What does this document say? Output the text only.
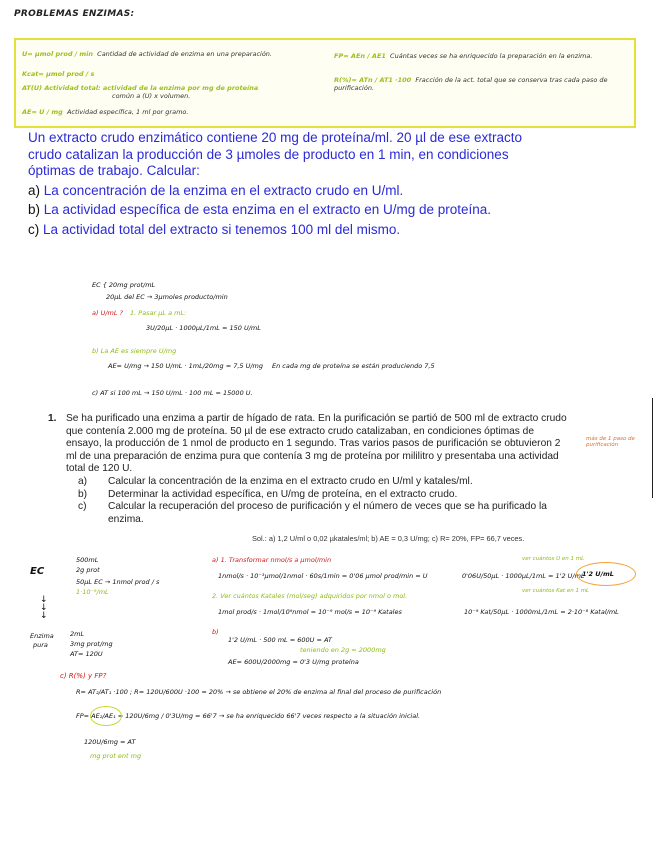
PROBLEMAS ENZIMAS:
U= μmol prod / min Cantidad de actividad de enzima en una preparación.
Kcat= μmol prod / s
AT(U) Actividad total: actividad de la enzima por mg de proteína
común a (U) x volumen.
AE= U / mg Actividad específica, 1 ml por gramo.
FP= AEn / AE1 Cuántas veces se ha enriquecido la preparación en la enzima.
R(%)= ATn / AT1 ·100 Fracción de la act. total que se conserva tras cada paso de purificación.

Un extracto crudo enzimático contiene 20 mg de proteína/ml. 20 µl de ese extracto crudo catalizan la producción de 3 µmoles de producto en 1 min, en condiciones óptimas de trabajo. Calcular:

a) La concentración de la enzima en el extracto crudo en U/ml.

b) La actividad específica de esta enzima en el extracto en U/mg de proteína.

c) La actividad total del extracto si tenemos 100 ml del mismo.

EC { 20mg prot/mL
20μL del EC → 3μmoles producto/min
a) U/mL ? 1. Pasar μL a mL:
3U/20μL · 1000μL/1mL = 150 U/mL
b) La AE es siempre U/mg
AE= U/mg → 150 U/mL · 1mL/20mg = 7,5 U/mg En cada mg de proteína se están produciendo 7,5
c) AT si 100 mL → 150 U/mL · 100 mL = 15000 U.
1. Se ha purificado una enzima a partir de hígado de rata. En la purificación se partió de 500 ml de extracto crudo que contenía 2.000 mg de proteína. 50 µl de ese extracto crudo catalizaban, en condiciones óptimas de ensayo, la producción de 1 nmol de producto en 1 segundo. Tras varios pasos de purificación se obtuvieron 2 ml de una preparación de enzima pura que contenía 3 mg de proteína por mililitro y presentaba una actividad total de 120 U.
a)	Calcular la concentración de la enzima en el extracto crudo en U/ml y katales/ml.
b)	Determinar la actividad específica, en U/mg de proteína, en el extracto crudo.
c)	Calcular la recuperación del proceso de purificación y el número de veces que se ha purificado la enzima.
más de 1 paso de purificación
Sol.: a) 1,2 U/ml o 0,02 µkatales/ml; b) AE = 0,3 U/mg; c) R= 20%, FP= 66,7 veces.
EC
500mL
2g prot
50μL EC → 1nmol prod / s
1·10⁻⁹/mL
↓
↓
↓
Enzima
pura
2mL
3mg prot/mg
AT= 120U
a) 1. Transformar nmol/s a μmol/min
1nmol/s · 10⁻³μmol/1nmol · 60s/1min = 0'06 μmol prod/min = U	0'06U/50μL · 1000μL/1mL = 1'2 U/mL
ver cuántos U en 1 mL
1'2 U/mL
2. Ver cuántos Katales (mol/seg) adquiridos por nmol o mol.
1mol prod/s · 1mol/10⁹nmol = 10⁻⁹ mol/s = 10⁻⁹ Katales	10⁻⁹ Kat/50μL · 1000mL/1mL = 2·10⁻⁸ Katal/mL
ver cuántos Kat en 1 mL
b)
1'2 U/mL · 500 mL = 600U = AT
teniendo en 2g = 2000mg
AE= 600U/2000mg = 0'3 U/mg proteína
c) R(%) y FP?
R= AT₂/AT₁ ·100 ; R= 120U/600U ·100 = 20% → se obtiene el 20% de enzima al final del proceso de purificación
FP= AE₂/AE₁ = 120U/6mg / 0'3U/mg = 66'7 → se ha enriquecido 66'7 veces respecto a la situación inicial.
120U/6mg = AT
mg prot ent mg
